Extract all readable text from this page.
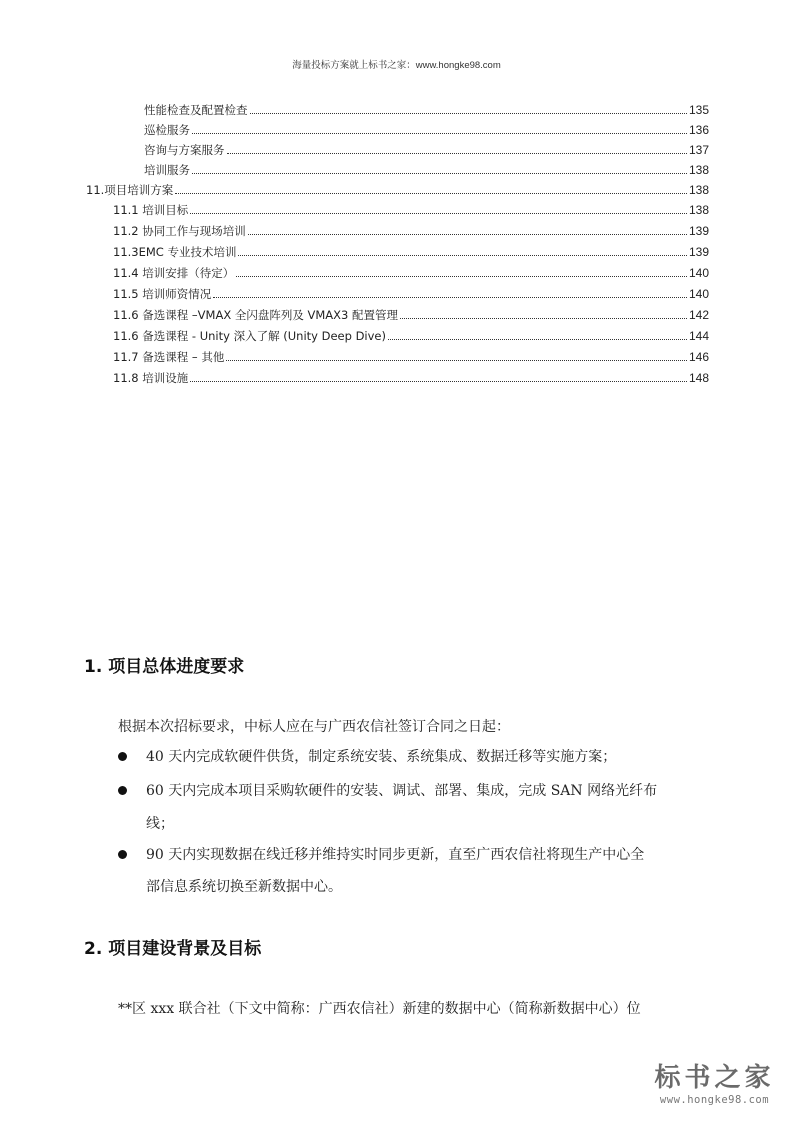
海量投标方案就上标书之家：www.hongke98.com
性能检查及配置检查	135
巡检服务	136
咨询与方案服务	137
培训服务	138
11.项目培训方案	138
11.1 培训目标	138
11.2 协同工作与现场培训	139
11.3EMC 专业技术培训	139
11.4 培训安排（待定）	140
11.5 培训师资情况	140
11.6 备选课程 –VMAX 全闪盘阵列及 VMAX3 配置管理	142
11.6 备选课程 - Unity 深入了解 (Unity Deep Dive)	144
11.7 备选课程 – 其他	146
11.8 培训设施	148
1. 项目总体进度要求
根据本次招标要求，中标人应在与广西农信社签订合同之日起：
40 天内完成软硬件供货，制定系统安装、系统集成、数据迁移等实施方案；
60 天内完成本项目采购软硬件的安装、调试、部署、集成，完成 SAN 网络光纤布
线；
90 天内实现数据在线迁移并维持实时同步更新，直至广西农信社将现生产中心全
部信息系统切换至新数据中心。
2. 项目建设背景及目标
**区 xxx 联合社（下文中简称：广西农信社）新建的数据中心（简称新数据中心）位
标书之家
www.hongke98.com
